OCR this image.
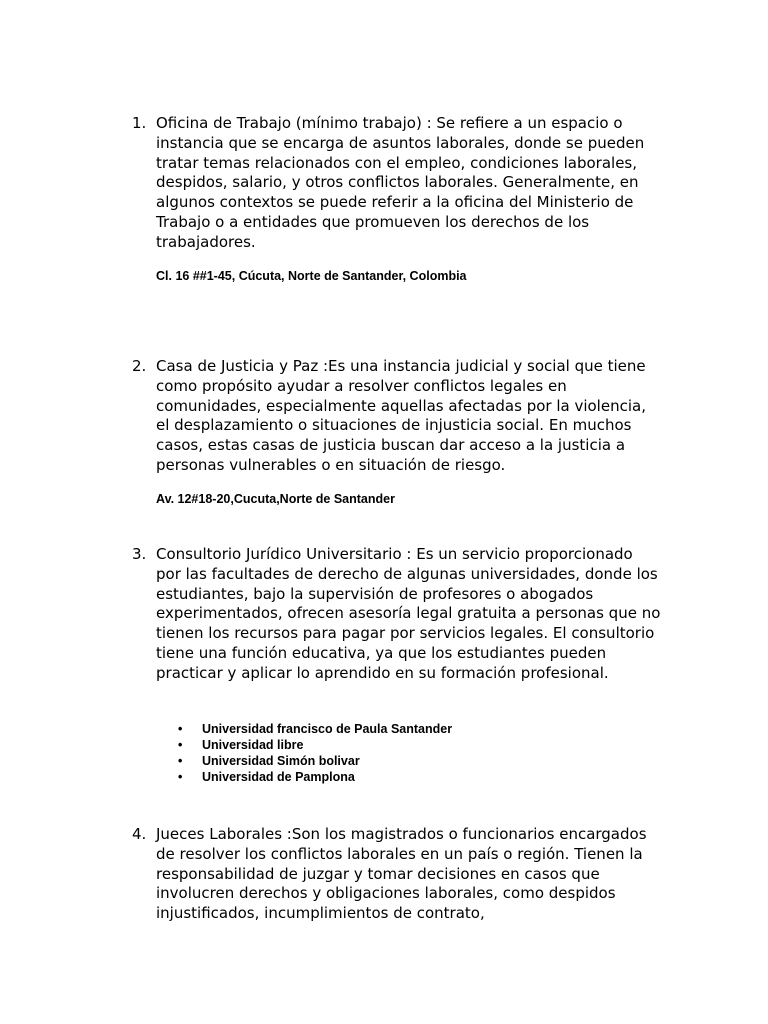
1. Oficina de Trabajo (mínimo trabajo) : Se refiere a un espacio o instancia que se encarga de asuntos laborales, donde se pueden tratar temas relacionados con el empleo, condiciones laborales, despidos, salario, y otros conflictos laborales. Generalmente, en algunos contextos se puede referir a la oficina del Ministerio de Trabajo o a entidades que promueven los derechos de los trabajadores.

Cl. 16 ##1-45, Cúcuta, Norte de Santander, Colombia

2. Casa de Justicia y Paz :Es una instancia judicial y social que tiene como propósito ayudar a resolver conflictos legales en comunidades, especialmente aquellas afectadas por la violencia, el desplazamiento o situaciones de injusticia social. En muchos casos, estas casas de justicia buscan dar acceso a la justicia a personas vulnerables o en situación de riesgo.

Av. 12#18-20,Cucuta,Norte de Santander

3. Consultorio Jurídico Universitario : Es un servicio proporcionado por las facultades de derecho de algunas universidades, donde los estudiantes, bajo la supervisión de profesores o abogados experimentados, ofrecen asesoría legal gratuita a personas que no tienen los recursos para pagar por servicios legales. El consultorio tiene una función educativa, ya que los estudiantes pueden practicar y aplicar lo aprendido en su formación profesional.

•	Universidad francisco de Paula Santander
•	Universidad libre
•	Universidad Simón bolivar
•	Universidad de Pamplona
4. Jueces Laborales :Son los magistrados o funcionarios encargados de resolver los conflictos laborales en un país o región. Tienen la responsabilidad de juzgar y tomar decisiones en casos que involucren derechos y obligaciones laborales, como despidos injustificados, incumplimientos de contrato,
